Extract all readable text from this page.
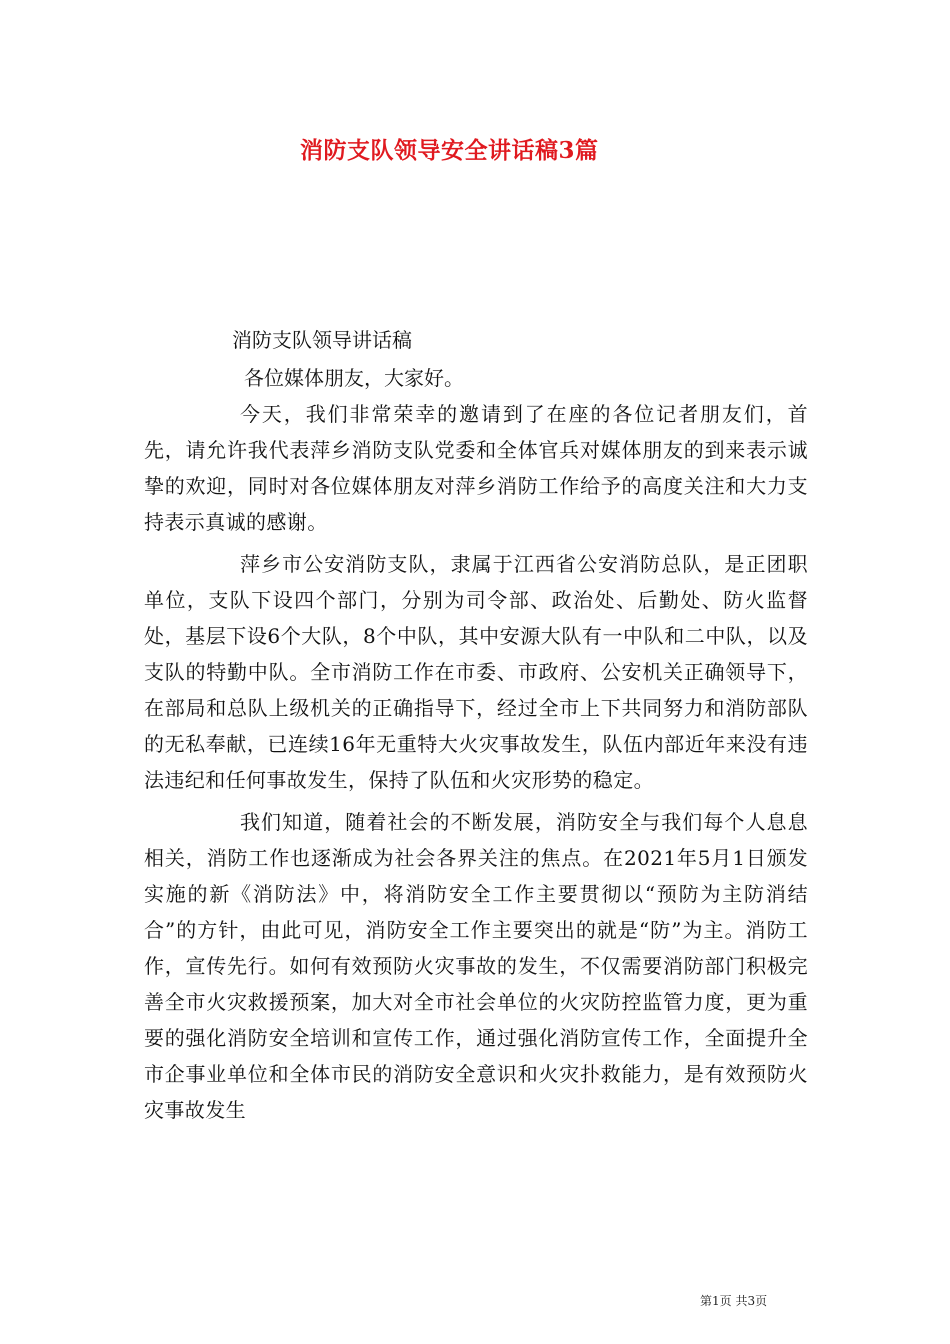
消防支队领导安全讲话稿3篇

消防支队领导讲话稿

各位媒体朋友，大家好。

今天，我们非常荣幸的邀请到了在座的各位记者朋友们，首先，请允许我代表萍乡消防支队党委和全体官兵对媒体朋友的到来表示诚挚的欢迎，同时对各位媒体朋友对萍乡消防工作给予的高度关注和大力支持表示真诚的感谢。

萍乡市公安消防支队，隶属于江西省公安消防总队，是正团职单位，支队下设四个部门，分别为司令部、政治处、后勤处、防火监督处，基层下设6个大队，8个中队，其中安源大队有一中队和二中队，以及支队的特勤中队。全市消防工作在市委、市政府、公安机关正确领导下，在部局和总队上级机关的正确指导下，经过全市上下共同努力和消防部队的无私奉献，已连续16年无重特大火灾事故发生，队伍内部近年来没有违法违纪和任何事故发生，保持了队伍和火灾形势的稳定。

我们知道，随着社会的不断发展，消防安全与我们每个人息息相关，消防工作也逐渐成为社会各界关注的焦点。在2021年5月1日颁发实施的新《消防法》中，将消防安全工作主要贯彻以“预防为主防消结合”的方针，由此可见，消防安全工作主要突出的就是“防”为主。消防工作，宣传先行。如何有效预防火灾事故的发生，不仅需要消防部门积极完善全市火灾救援预案，加大对全市社会单位的火灾防控监管力度，更为重要的强化消防安全培训和宣传工作，通过强化消防宣传工作，全面提升全市企事业单位和全体市民的消防安全意识和火灾扑救能力，是有效预防火灾事故发生

第1页 共3页
